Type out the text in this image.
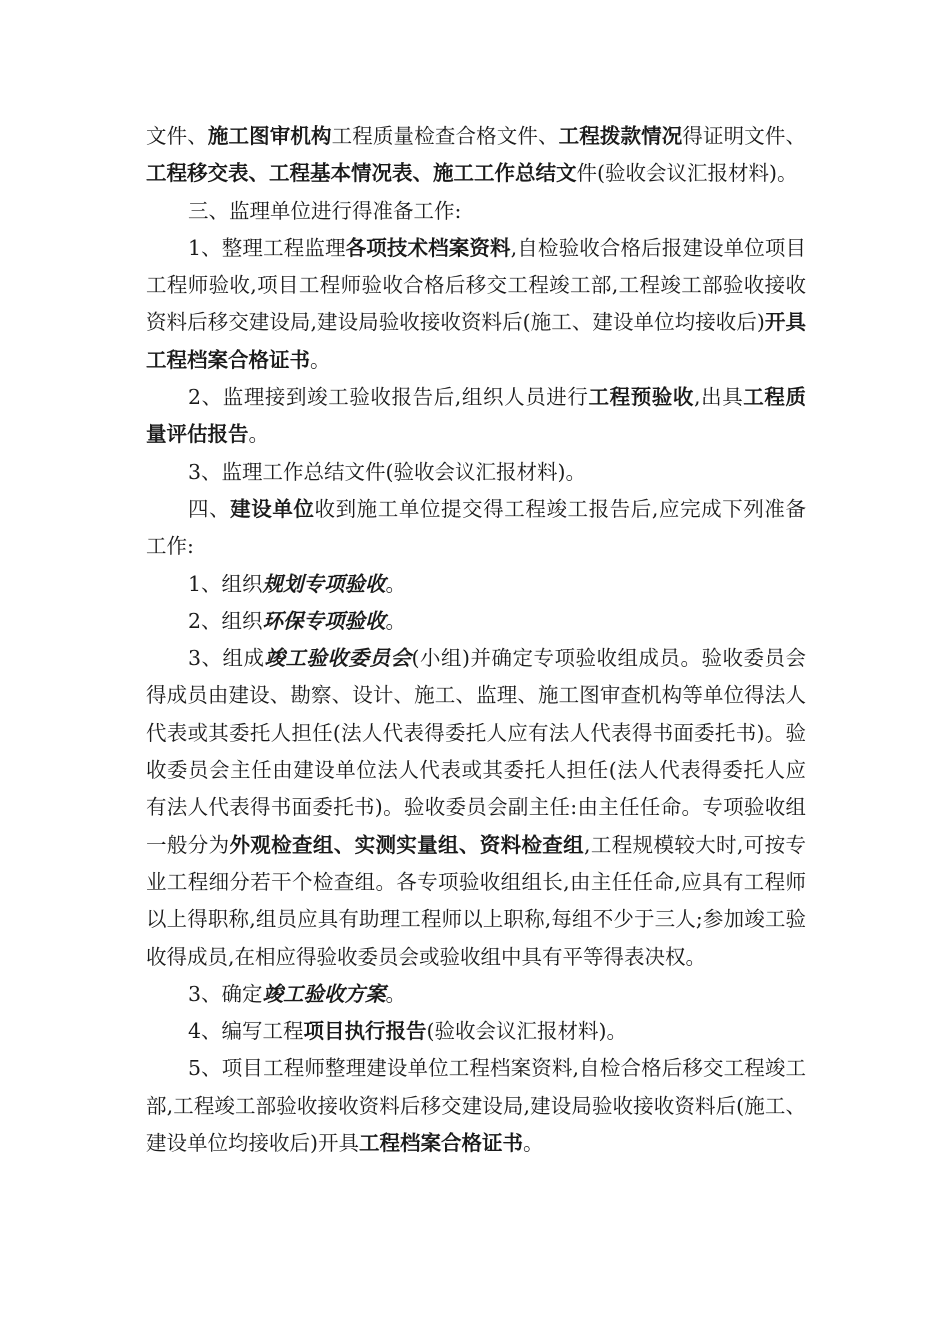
文件、施工图审机构工程质量检查合格文件、工程拨款情况得证明文件、工程移交表、工程基本情况表、施工工作总结文件(验收会议汇报材料)。

三、监理单位进行得准备工作:

1、整理工程监理各项技术档案资料,自检验收合格后报建设单位项目工程师验收,项目工程师验收合格后移交工程竣工部,工程竣工部验收接收资料后移交建设局,建设局验收接收资料后(施工、建设单位均接收后)开具工程档案合格证书。

2、监理接到竣工验收报告后,组织人员进行工程预验收,出具工程质量评估报告。

3、监理工作总结文件(验收会议汇报材料)。

四、建设单位收到施工单位提交得工程竣工报告后,应完成下列准备工作:

1、组织规划专项验收。

2、组织环保专项验收。

3、组成竣工验收委员会(小组)并确定专项验收组成员。验收委员会得成员由建设、勘察、设计、施工、监理、施工图审查机构等单位得法人代表或其委托人担任(法人代表得委托人应有法人代表得书面委托书)。验收委员会主任由建设单位法人代表或其委托人担任(法人代表得委托人应有法人代表得书面委托书)。验收委员会副主任:由主任任命。专项验收组一般分为外观检查组、实测实量组、资料检查组,工程规模较大时,可按专业工程细分若干个检查组。各专项验收组组长,由主任任命,应具有工程师以上得职称,组员应具有助理工程师以上职称,每组不少于三人;参加竣工验收得成员,在相应得验收委员会或验收组中具有平等得表决权。

3、确定竣工验收方案。

4、编写工程项目执行报告(验收会议汇报材料)。

5、项目工程师整理建设单位工程档案资料,自检合格后移交工程竣工部,工程竣工部验收接收资料后移交建设局,建设局验收接收资料后(施工、建设单位均接收后)开具工程档案合格证书。
